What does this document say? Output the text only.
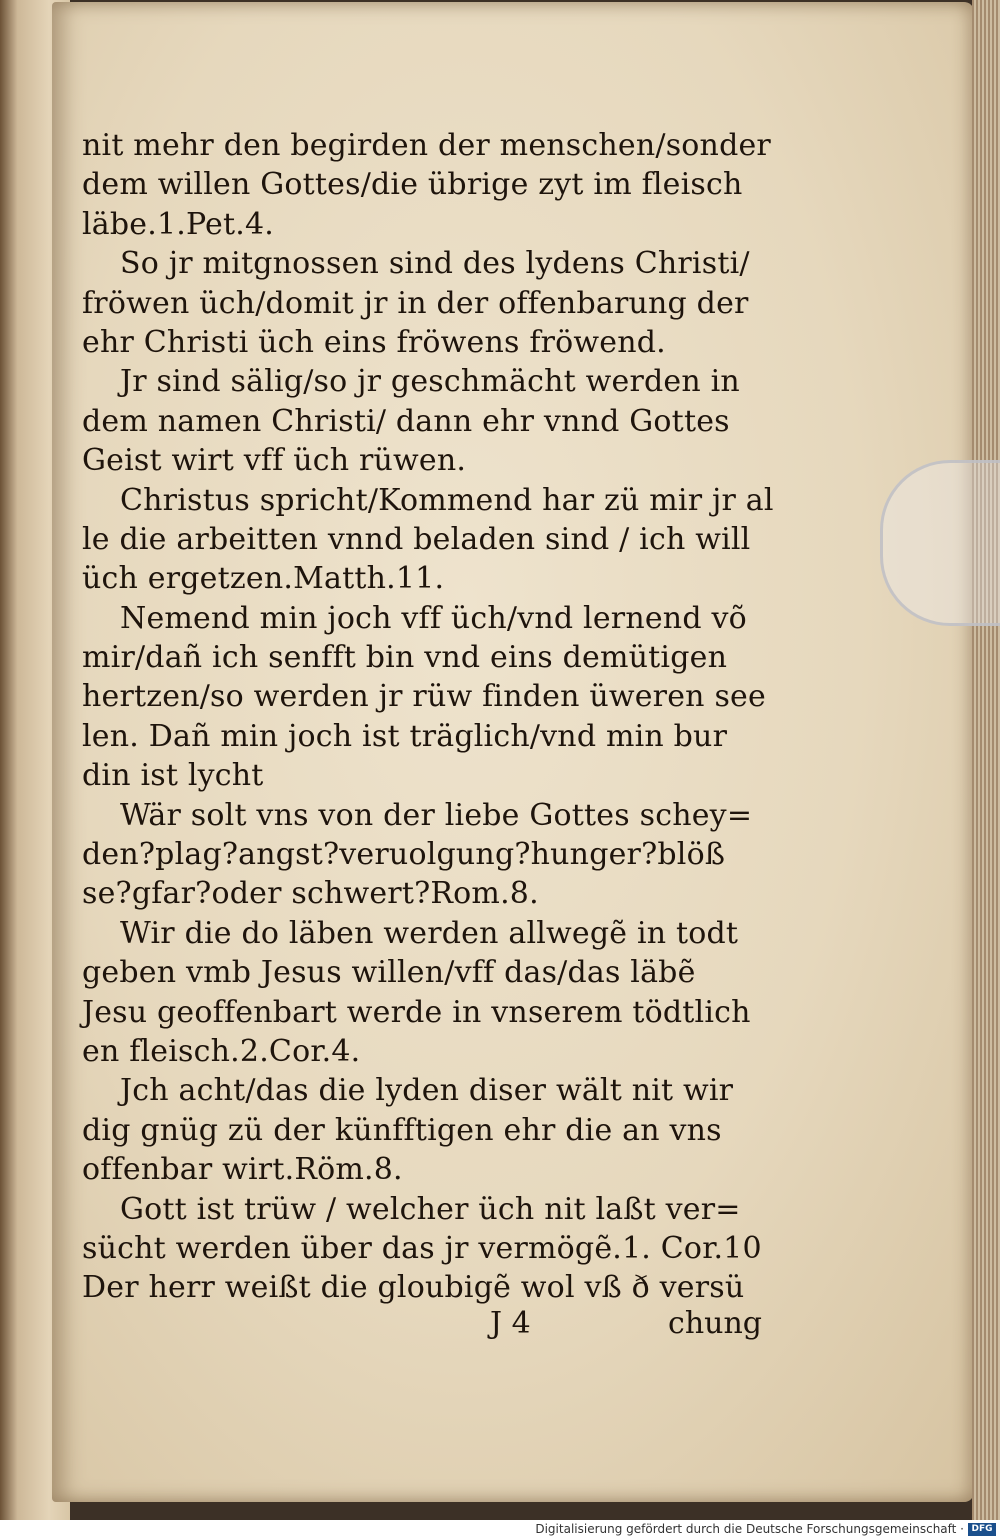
nit mehr den begirden der menschen/sonder
dem willen Gottes/die übrige zyt im fleisch
läbe.1.Pet.4.
So jr mitgnossen sind des lydens Christi/
fröwen üch/domit jr in der offenbarung der
ehr Christi üch eins fröwens fröwend.
Jr sind sälig/so jr geschmächt werden in
dem namen Christi/ dann ehr vnnd Gottes
Geist wirt vff üch rüwen.
Christus spricht/Kommend har zü mir jr al
le die arbeitten vnnd beladen sind / ich will
üch ergetzen.Matth.11.
Nemend min joch vff üch/vnd lernend võ
mir/dañ ich senfft bin vnd eins demütigen
hertzen/so werden jr rüw finden üweren see
len. Dañ min joch ist träglich/vnd min bur
din ist lycht
Wär solt vns von der liebe Gottes schey=
den?plag?angst?veruolgung?hunger?blöß
se?gfar?oder schwert?Rom.8.
Wir die do läben werden allwegẽ in todt
geben vmb Jesus willen/vff das/das läbẽ
Jesu geoffenbart werde in vnserem tödtlich
en fleisch.2.Cor.4.
Jch acht/das die lyden diser wält nit wir
dig gnüg zü der künfftigen ehr die an vns
offenbar wirt.Röm.8.
Gott ist trüw / welcher üch nit laßt ver=
sücht werden über das jr vermögẽ.1. Cor.10
Der herr weißt die gloubigẽ wol vß ð versü
J 4	chung
Digitalisierung gefördert durch die Deutsche Forschungsgemeinschaft · DFG
